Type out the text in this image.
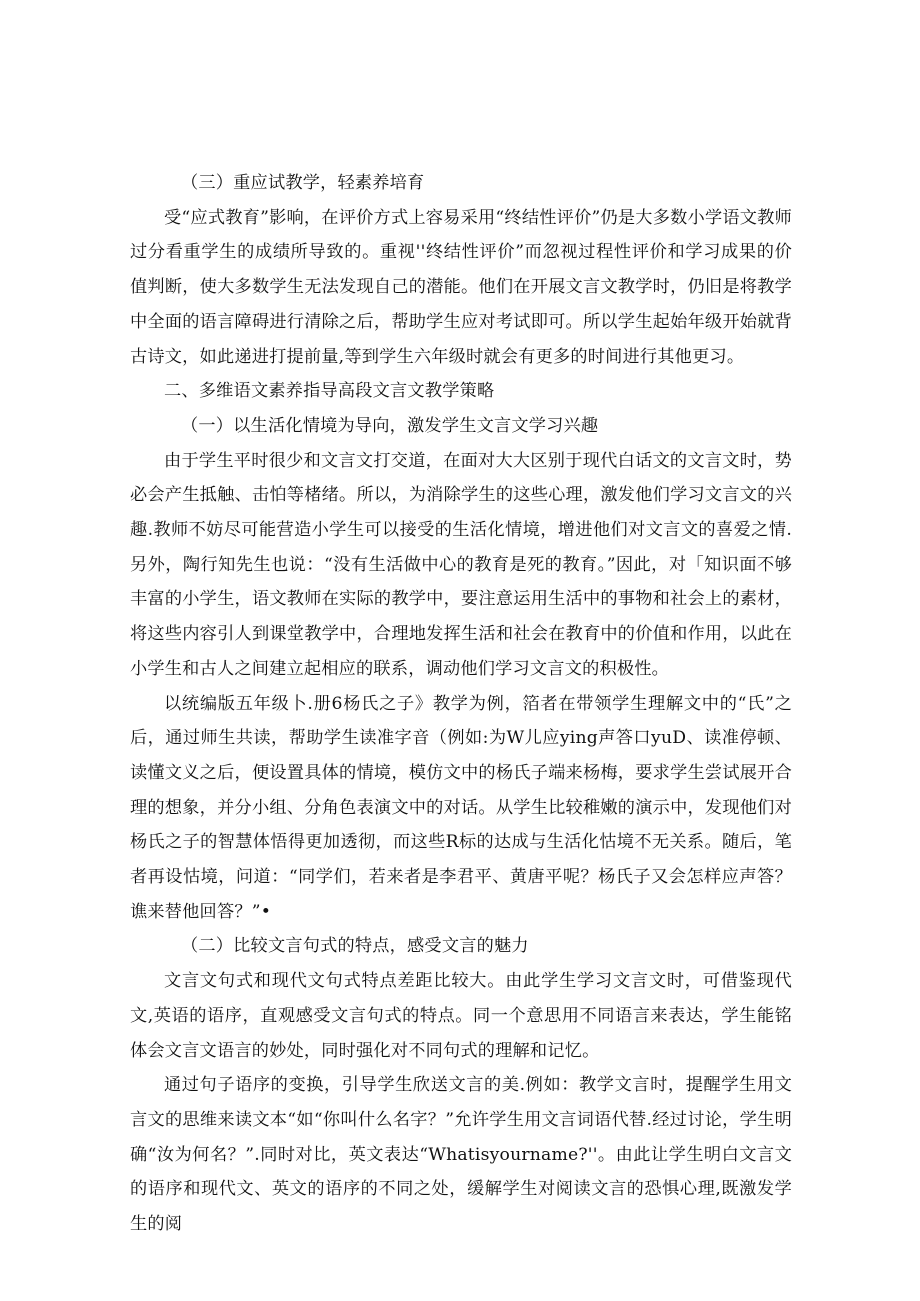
（三）重应试教学，轻素养培育

受“应式教育”影响，在评价方式上容易采用“终结性评价”仍是大多数小学语文教师过分看重学生的成绩所导致的。重视''终结性评价”而忽视过程性评价和学习成果的价值判断，使大多数学生无法发现自己的潜能。他们在开展文言文教学时，仍旧是将教学中全面的语言障碍进行清除之后，帮助学生应对考试即可。所以学生起始年级开始就背古诗文，如此递进打提前量,等到学生六年级时就会有更多的时间进行其他更习。

二、多维语文素养指导高段文言文教学策略

（一）以生活化情境为导向，激发学生文言文学习兴趣

由于学生平时很少和文言文打交道，在面对大大区别于现代白话文的文言文时，势必会产生抵触、击怕等楮绪。所以，为消除学生的这些心理，激发他们学习文言文的兴趣.教师不妨尽可能营造小学生可以接受的生活化情境，增进他们对文言文的喜爱之情.另外，陶行知先生也说：“没有生活做中心的教育是死的教育。”因此，对「知识面不够丰富的小学生，语文教师在实际的教学中，要注意运用生活中的事物和社会上的素材，将这些内容引人到课堂教学中，合理地发挥生活和社会在教育中的价值和作用，以此在小学生和古人之间建立起相应的联系，调动他们学习文言文的积极性。

以统编版五年级卜.册6杨氏之子》教学为例，箔者在带领学生理解文中的“氏”之后，通过师生共读，帮助学生读准字音（例如:为W儿应ying声答口yuD、读准停顿、读懂文义之后，便设置具体的情境，模仿文中的杨氏子端来杨梅，要求学生尝试展开合理的想象，并分小组、分角色表演文中的对话。从学生比较稚嫩的演示中，发现他们对杨氏之子的智慧体悟得更加透彻，而这些R标的达成与生活化怙境不无关系。随后，笔者再设怙境，问道：“同学们，若来者是李君平、黄唐平呢？杨氏子又会怎样应声答？谯来替他回答？”•

（二）比较文言句式的特点，感受文言的魅力

文言文句式和现代文句式特点差距比较大。由此学生学习文言文时，可借鉴现代文,英语的语序，直观感受文言句式的特点。同一个意思用不同语言来表达，学生能铭体会文言文语言的妙处，同时强化对不同句式的理解和记忆。

通过句子语序的变换，引导学生欣送文言的美.例如：教学文言时，提醒学生用文言文的思维来读文本“如“你叫什么名字？”允许学生用文言词语代替.经过讨论，学生明确“汝为何名？”.同时对比，英文表达“Whatisyourname?''。由此让学生明白文言文的语序和现代文、英文的语序的不同之处，缓解学生对阅读文言的恐惧心理,既激发学生的阅
